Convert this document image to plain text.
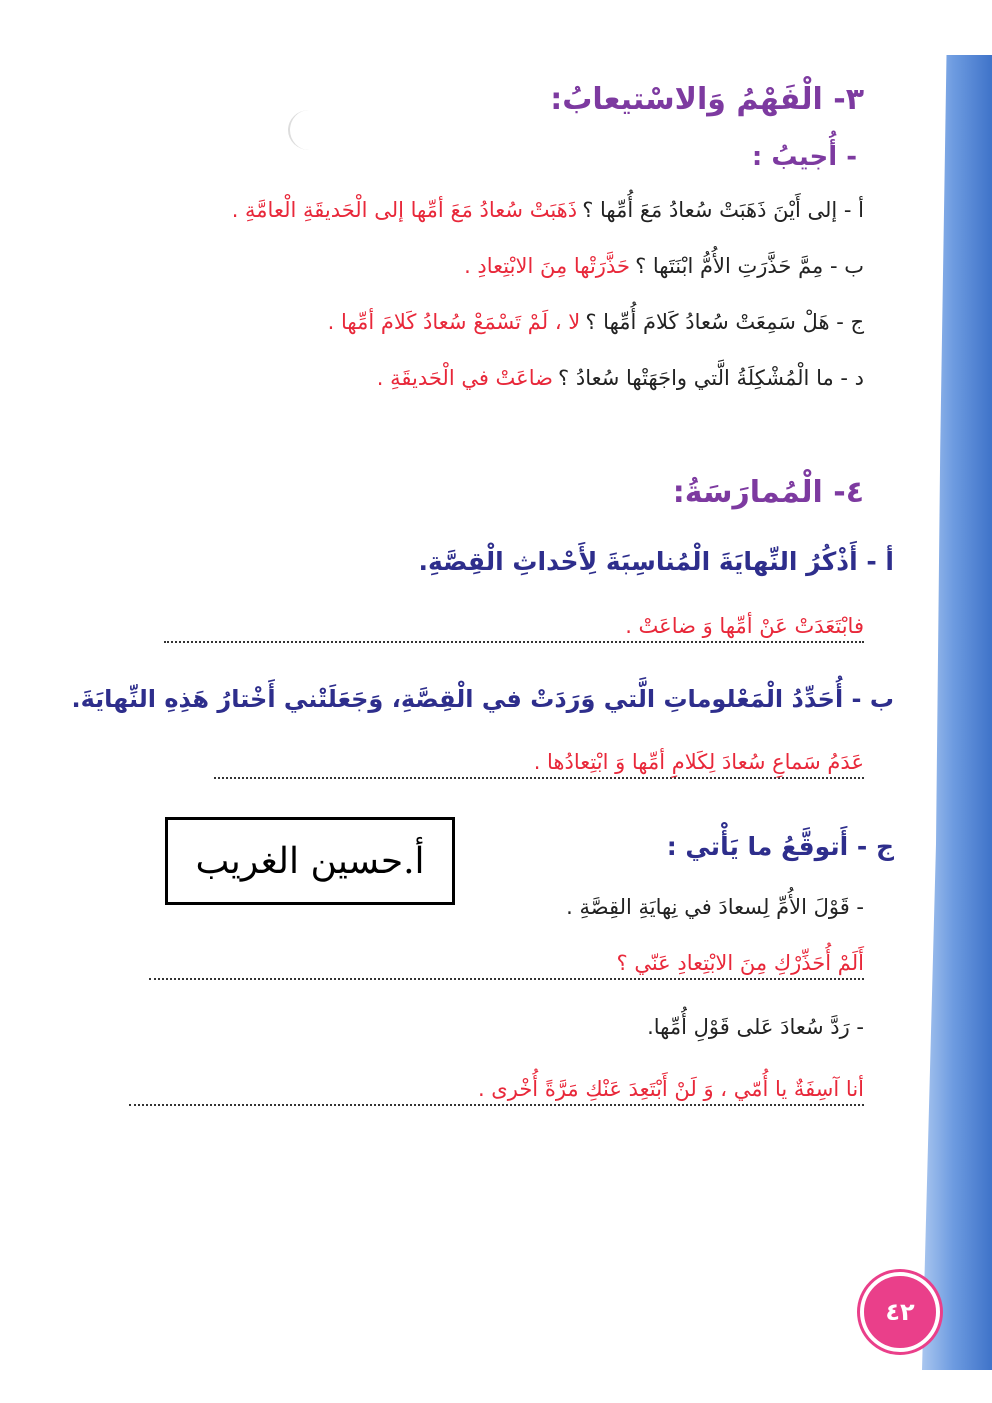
٣- الْفَهْمُ وَالاسْتيعابُ:
- أُجيبُ :
أ - إلى أَيْنَ ذَهَبَتْ سُعادُ مَعَ أُمِّها ؟ ذَهَبَتْ سُعادُ مَعَ أمِّها إلى الْحَديقَةِ الْعامَّةِ .
ب - مِمَّ حَذَّرَتِ الأُمُّ ابْنَتَها ؟ حَذَّرَتْها مِنَ الابْتِعادِ .
ج - هَلْ سَمِعَتْ سُعادُ كَلامَ أُمِّها ؟ لا ، لَمْ تَسْمَعْ سُعادُ كَلامَ أمِّها .
د - ما الْمُشْكِلَةُ الَّتي واجَهَتْها سُعادُ ؟ ضاعَتْ في الْحَديقَةِ .
٤- الْمُمارَسَةُ:
أ - أَذْكُرُ النِّهايَةَ الْمُناسِبَةَ لِأَحْداثِ الْقِصَّةِ.
فابْتَعَدَتْ عَنْ أمِّها وَ ضاعَتْ .
ب - أُحَدِّدُ الْمَعْلوماتِ الَّتي وَرَدَتْ في الْقِصَّةِ، وَجَعَلَتْني أَخْتارُ هَذِهِ النِّهايَةَ.
عَدَمُ سَماعِ سُعادَ لِكَلامِ أمِّها وَ ابْتِعادُها .
ج - أَتوقَّعُ ما يَأْتي :
- قَوْلَ الأُمِّ لِسعادَ في نِهايَةِ القِصَّةِ .
أَلَمْ أُحَذِّرْكِ مِنَ الابْتِعادِ عَنّي ؟
- رَدَّ سُعادَ عَلى قَوْلِ أُمِّها.
أنا آسِفَةٌ يا أُمّي ، وَ لَنْ أَبْتَعِدَ عَنْكِ مَرَّةً أُخْرى .
أ.حسين الغريب
٤٢
